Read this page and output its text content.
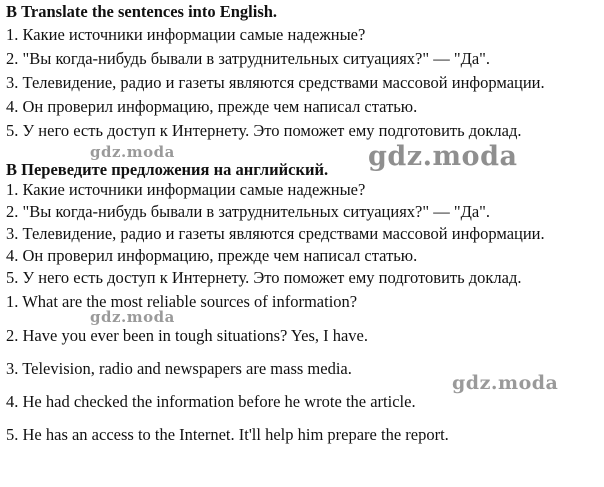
В Translate the sentences into English.
1. Какие источники информации самые надежные?
2. "Вы когда-нибудь бывали в затруднительных ситуациях?" — "Да".
3. Телевидение, радио и газеты являются средствами массовой информации.
4. Он проверил информацию, прежде чем написал статью.
5. У него есть доступ к Интернету. Это поможет ему подготовить доклад.
В Переведите предложения на английский.
1. Какие источники информации самые надежные?
2. "Вы когда-нибудь бывали в затруднительных ситуациях?" — "Да".
3. Телевидение, радио и газеты являются средствами массовой информации.
4. Он проверил информацию, прежде чем написал статью.
5. У него есть доступ к Интернету. Это поможет ему подготовить доклад.
1. What are the most reliable sources of information?
2. Have you ever been in tough situations? Yes, I have.
3. Television, radio and newspapers are mass media.
4. He had checked the information before he wrote the article.
5. He has an access to the Internet. It'll help him prepare the report.
gdz.moda	gdz.moda
gdz.moda
gdz.moda
